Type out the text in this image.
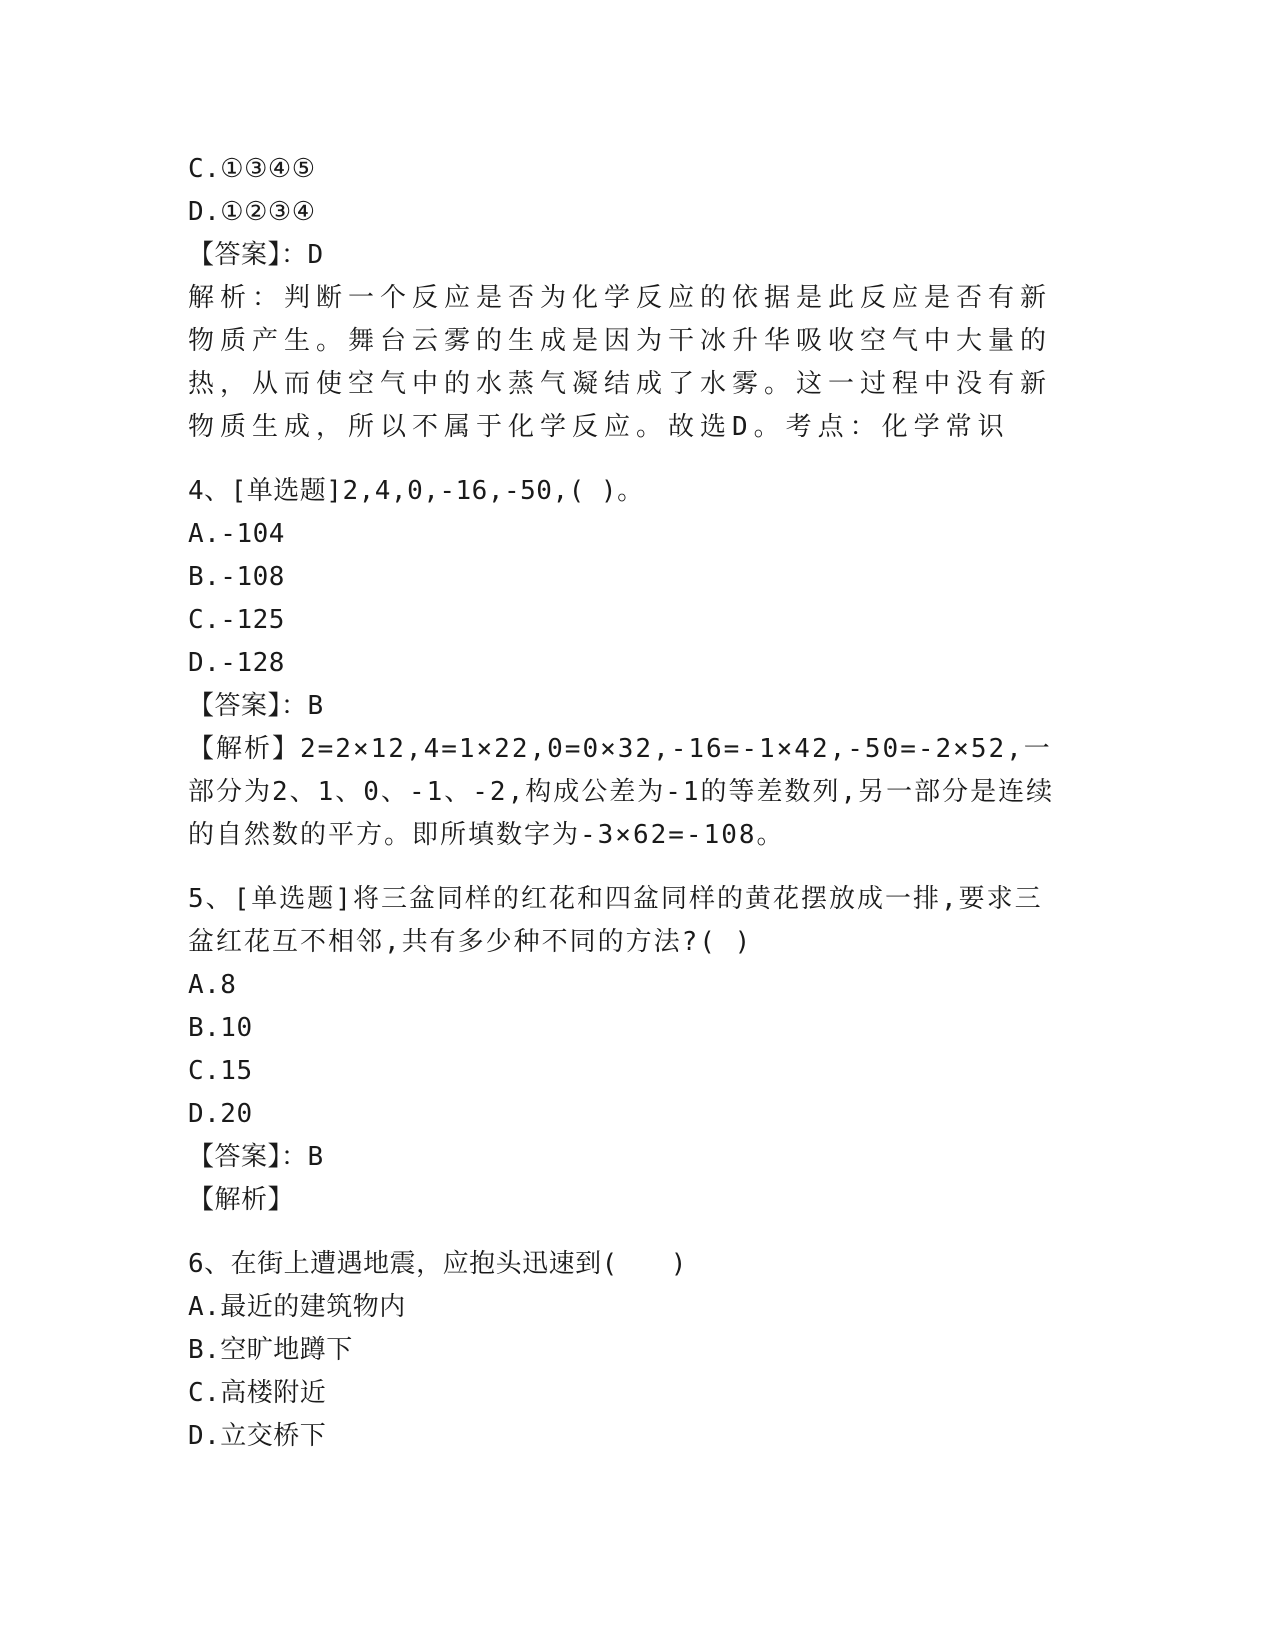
C.①③④⑤
D.①②③④
【答案】：D
解析：判断一个反应是否为化学反应的依据是此反应是否有新物质产生。舞台云雾的生成是因为干冰升华吸收空气中大量的热，从而使空气中的水蒸气凝结成了水雾。这一过程中没有新物质生成，所以不属于化学反应。故选D。考点：化学常识
4、[单选题]2,4,0,-16,-50,( )。
A.-104
B.-108
C.-125
D.-128
【答案】：B
【解析】2=2×12,4=1×22,0=0×32,-16=-1×42,-50=-2×52,一部分为2、1、0、-1、-2,构成公差为-1的等差数列,另一部分是连续的自然数的平方。即所填数字为-3×62=-108。
5、[单选题]将三盆同样的红花和四盆同样的黄花摆放成一排,要求三盆红花互不相邻,共有多少种不同的方法?( )
A.8
B.10
C.15
D.20
【答案】：B
【解析】
6、在街上遭遇地震，应抱头迅速到(　　)
A.最近的建筑物内
B.空旷地蹲下
C.高楼附近
D.立交桥下
